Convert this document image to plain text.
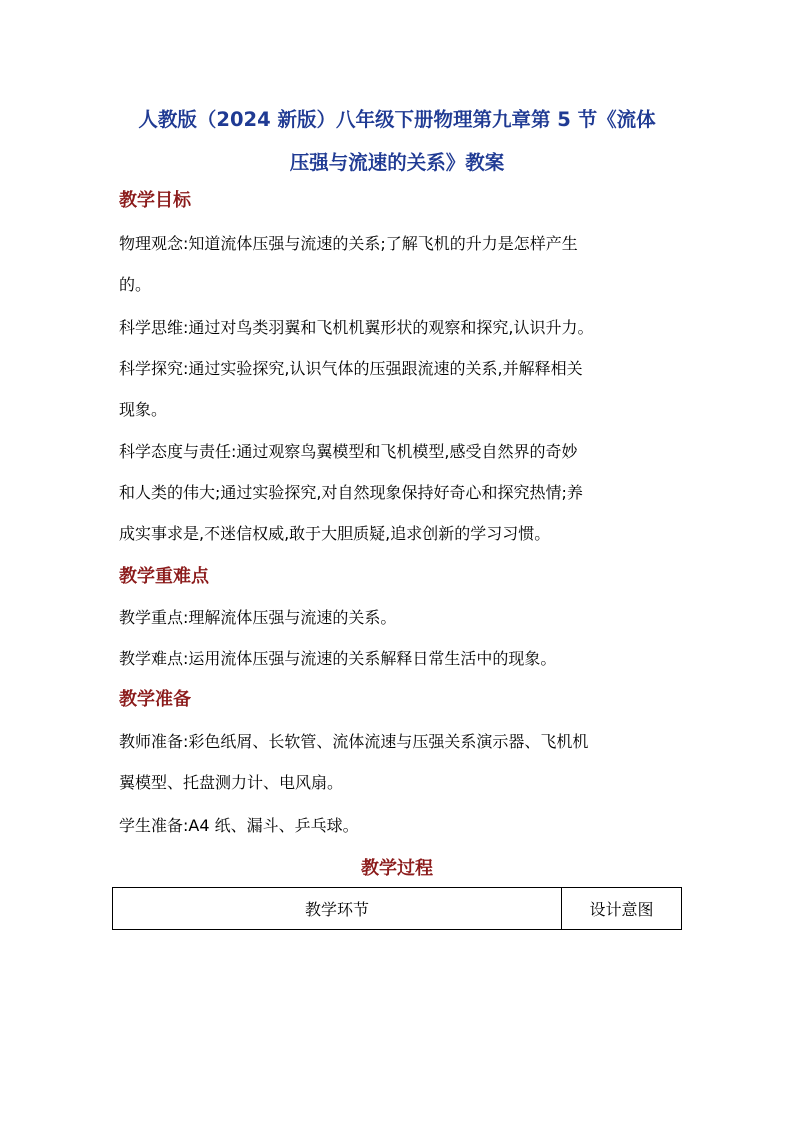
人教版（2024 新版）八年级下册物理第九章第 5 节《流体
压强与流速的关系》教案
教学目标
物理观念:知道流体压强与流速的关系;了解飞机的升力是怎样产生
的。
科学思维:通过对鸟类羽翼和飞机机翼形状的观察和探究,认识升力。
科学探究:通过实验探究,认识气体的压强跟流速的关系,并解释相关
现象。
科学态度与责任:通过观察鸟翼模型和飞机模型,感受自然界的奇妙
和人类的伟大;通过实验探究,对自然现象保持好奇心和探究热情;养
成实事求是,不迷信权威,敢于大胆质疑,追求创新的学习习惯。
教学重难点
教学重点:理解流体压强与流速的关系。
教学难点:运用流体压强与流速的关系解释日常生活中的现象。
教学准备
教师准备:彩色纸屑、长软管、流体流速与压强关系演示器、飞机机
翼模型、托盘测力计、电风扇。
学生准备:A4 纸、漏斗、乒乓球。
教学过程
教学环节	设计意图
